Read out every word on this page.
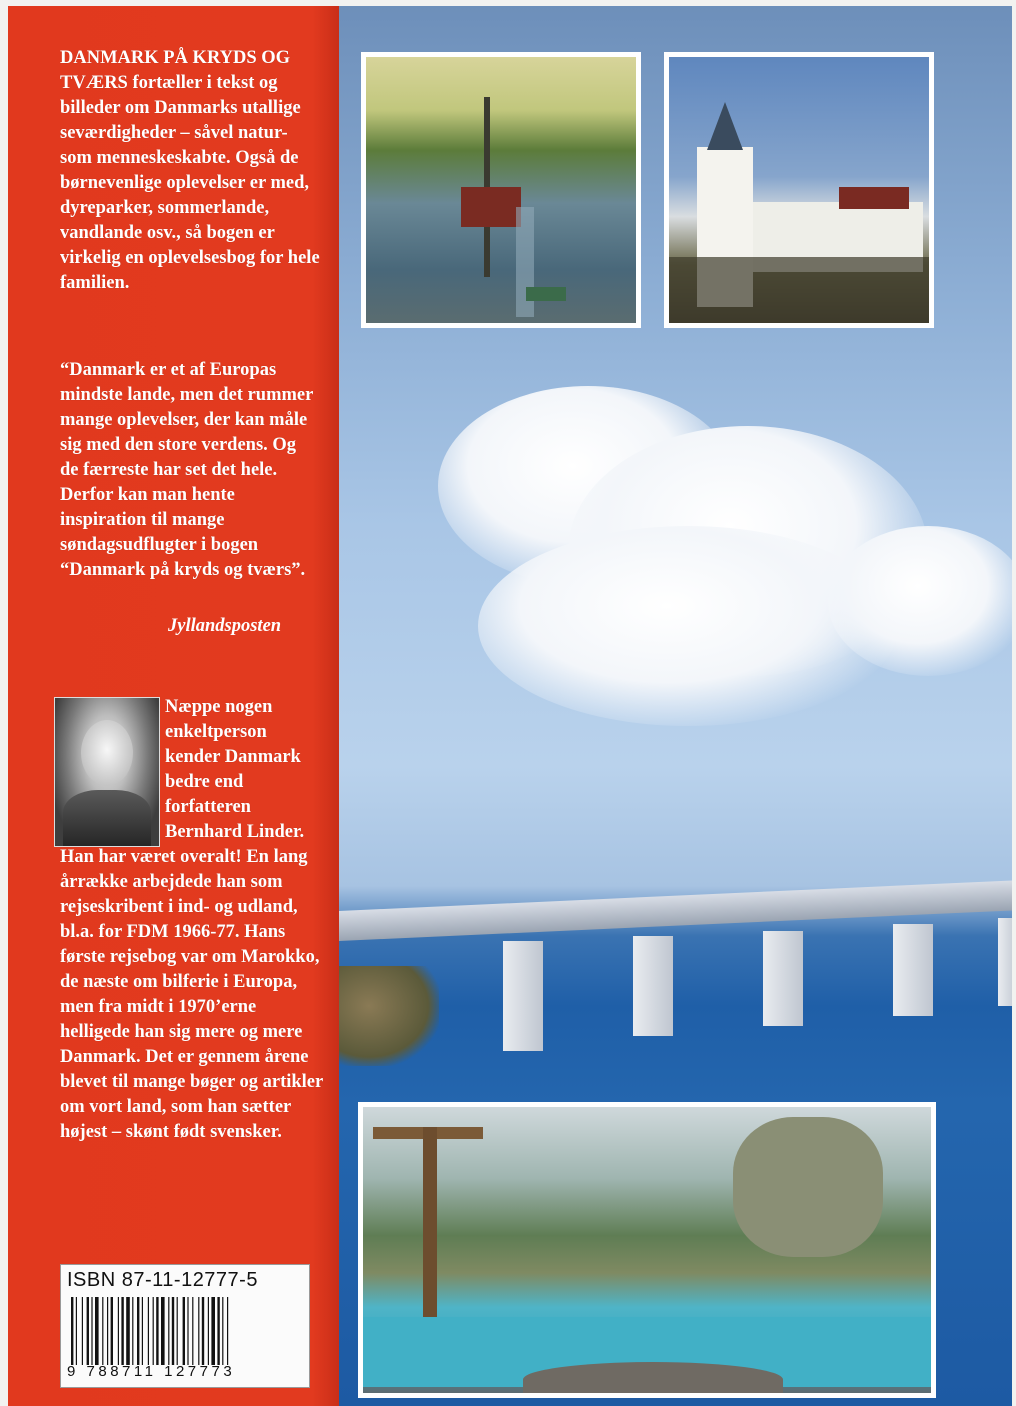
DANMARK PÅ KRYDS OG TVÆRS fortæller i tekst og billeder om Danmarks utallige seværdigheder – såvel natur- som menneskeskabte. Også de børnevenlige oplevelser er med, dyreparker, sommerlande, vandlande osv., så bogen er virkelig en oplevelsesbog for hele familien.
“Danmark er et af Europas mindste lande, men det rummer mange oplevelser, der kan måle sig med den store verdens. Og de færreste har set det hele. Derfor kan man hente inspiration til mange søndagsudflugter i bogen “Danmark på kryds og tværs”.
Jyllandsposten
Næppe nogen enkeltperson kender Danmark bedre end forfatteren Bernhard Linder.
Han har været overalt! En lang årrække arbejdede han som rejseskribent i ind- og udland, bl.a. for FDM 1966-77. Hans første rejsebog var om Marokko, de næste om bilferie i Europa, men fra midt i 1970’erne helligede han sig mere og mere Danmark. Det er gennem årene blevet til mange bøger og artikler om vort land, som han sætter højest – skønt født svensker.
ISBN 87-11-12777-5
9 788711 127773
